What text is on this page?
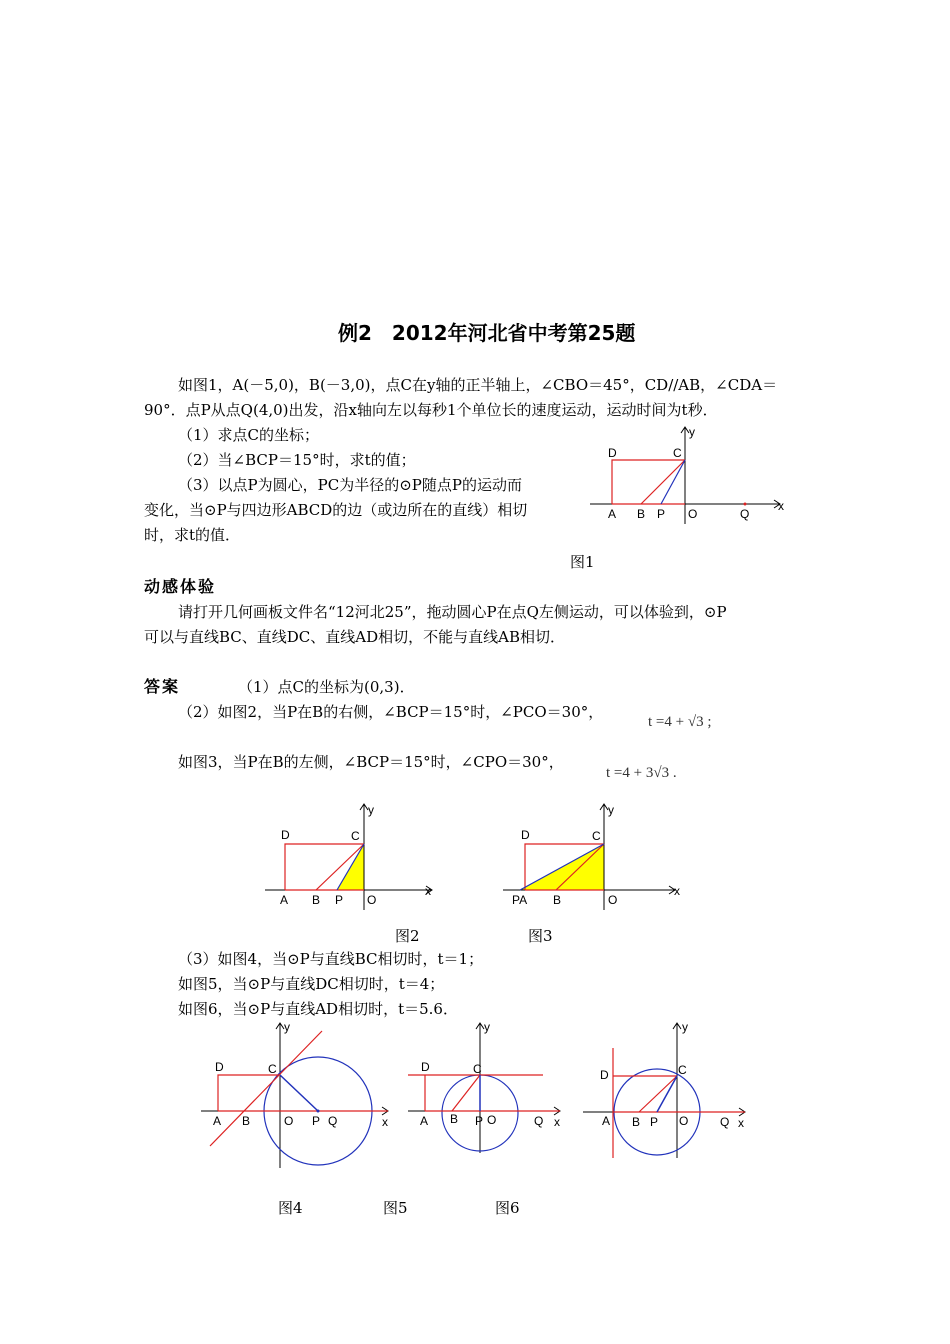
例2　2012年河北省中考第25题
如图1，A(－5,0)，B(－3,0)，点C在y轴的正半轴上，∠CBO＝45°，CD//AB，∠CDA＝
90°．点P从点Q(4,0)出发，沿x轴向左以每秒1个单位长的速度运动，运动时间为t秒．
（1）求点C的坐标；
（2）当∠BCP＝15°时，求t的值；
（3）以点P为圆心，PC为半径的⊙P随点P的运动而
变化，当⊙P与四边形ABCD的边（或边所在的直线）相切
时，求t的值．
D	C
A B P O	Q
x
y
图1
动感体验
请打开几何画板文件名“12河北25”，拖动圆心P在点Q左侧运动，可以体验到，⊙P
可以与直线BC、直线DC、直线AD相切，不能与直线AB相切．
答案	（1）点C的坐标为(0,3)．
（2）如图2，当P在B的右侧，∠BCP＝15°时，∠PCO＝30°，
t =4 + √3 ;
如图3，当P在B的左侧，∠BCP＝15°时，∠CPO＝30°，
t =4 + 3√3 .
D	C
A B P O
x
y
图2
D	C
PA B	O
x
y
图3
（3）如图4，当⊙P与直线BC相切时，t＝1；
如图5，当⊙P与直线DC相切时，t＝4；
如图6，当⊙P与直线AD相切时，t＝5.6．
D	C
A B	O P Q	x
y
D	C
A B P O	Q x
y
D	C
A B P O	Q x
y
图4	图5	图6
